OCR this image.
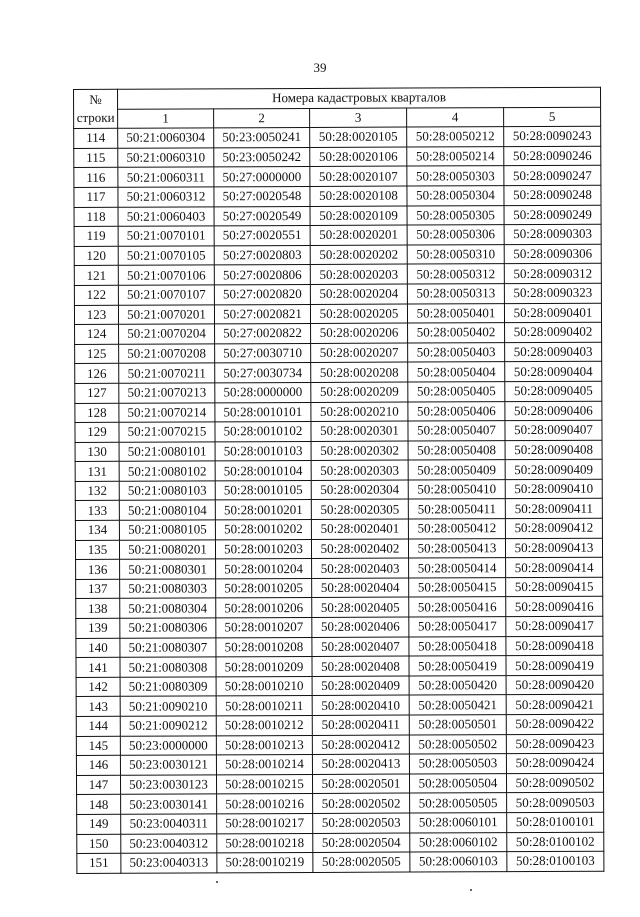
39
№
строки	Номера кадастровых кварталов				
	1	2	3	4	5
114	50:21:0060304	50:23:0050241	50:28:0020105	50:28:0050212	50:28:0090243
115	50:21:0060310	50:23:0050242	50:28:0020106	50:28:0050214	50:28:0090246
116	50:21:0060311	50:27:0000000	50:28:0020107	50:28:0050303	50:28:0090247
117	50:21:0060312	50:27:0020548	50:28:0020108	50:28:0050304	50:28:0090248
118	50:21:0060403	50:27:0020549	50:28:0020109	50:28:0050305	50:28:0090249
119	50:21:0070101	50:27:0020551	50:28:0020201	50:28:0050306	50:28:0090303
120	50:21:0070105	50:27:0020803	50:28:0020202	50:28:0050310	50:28:0090306
121	50:21:0070106	50:27:0020806	50:28:0020203	50:28:0050312	50:28:0090312
122	50:21:0070107	50:27:0020820	50:28:0020204	50:28:0050313	50:28:0090323
123	50:21:0070201	50:27:0020821	50:28:0020205	50:28:0050401	50:28:0090401
124	50:21:0070204	50:27:0020822	50:28:0020206	50:28:0050402	50:28:0090402
125	50:21:0070208	50:27:0030710	50:28:0020207	50:28:0050403	50:28:0090403
126	50:21:0070211	50:27:0030734	50:28:0020208	50:28:0050404	50:28:0090404
127	50:21:0070213	50:28:0000000	50:28:0020209	50:28:0050405	50:28:0090405
128	50:21:0070214	50:28:0010101	50:28:0020210	50:28:0050406	50:28:0090406
129	50:21:0070215	50:28:0010102	50:28:0020301	50:28:0050407	50:28:0090407
130	50:21:0080101	50:28:0010103	50:28:0020302	50:28:0050408	50:28:0090408
131	50:21:0080102	50:28:0010104	50:28:0020303	50:28:0050409	50:28:0090409
132	50:21:0080103	50:28:0010105	50:28:0020304	50:28:0050410	50:28:0090410
133	50:21:0080104	50:28:0010201	50:28:0020305	50:28:0050411	50:28:0090411
134	50:21:0080105	50:28:0010202	50:28:0020401	50:28:0050412	50:28:0090412
135	50:21:0080201	50:28:0010203	50:28:0020402	50:28:0050413	50:28:0090413
136	50:21:0080301	50:28:0010204	50:28:0020403	50:28:0050414	50:28:0090414
137	50:21:0080303	50:28:0010205	50:28:0020404	50:28:0050415	50:28:0090415
138	50:21:0080304	50:28:0010206	50:28:0020405	50:28:0050416	50:28:0090416
139	50:21:0080306	50:28:0010207	50:28:0020406	50:28:0050417	50:28:0090417
140	50:21:0080307	50:28:0010208	50:28:0020407	50:28:0050418	50:28:0090418
141	50:21:0080308	50:28:0010209	50:28:0020408	50:28:0050419	50:28:0090419
142	50:21:0080309	50:28:0010210	50:28:0020409	50:28:0050420	50:28:0090420
143	50:21:0090210	50:28:0010211	50:28:0020410	50:28:0050421	50:28:0090421
144	50:21:0090212	50:28:0010212	50:28:0020411	50:28:0050501	50:28:0090422
145	50:23:0000000	50:28:0010213	50:28:0020412	50:28:0050502	50:28:0090423
146	50:23:0030121	50:28:0010214	50:28:0020413	50:28:0050503	50:28:0090424
147	50:23:0030123	50:28:0010215	50:28:0020501	50:28:0050504	50:28:0090502
148	50:23:0030141	50:28:0010216	50:28:0020502	50:28:0050505	50:28:0090503
149	50:23:0040311	50:28:0010217	50:28:0020503	50:28:0060101	50:28:0100101
150	50:23:0040312	50:28:0010218	50:28:0020504	50:28:0060102	50:28:0100102
151	50:23:0040313	50:28:0010219	50:28:0020505	50:28:0060103	50:28:0100103
